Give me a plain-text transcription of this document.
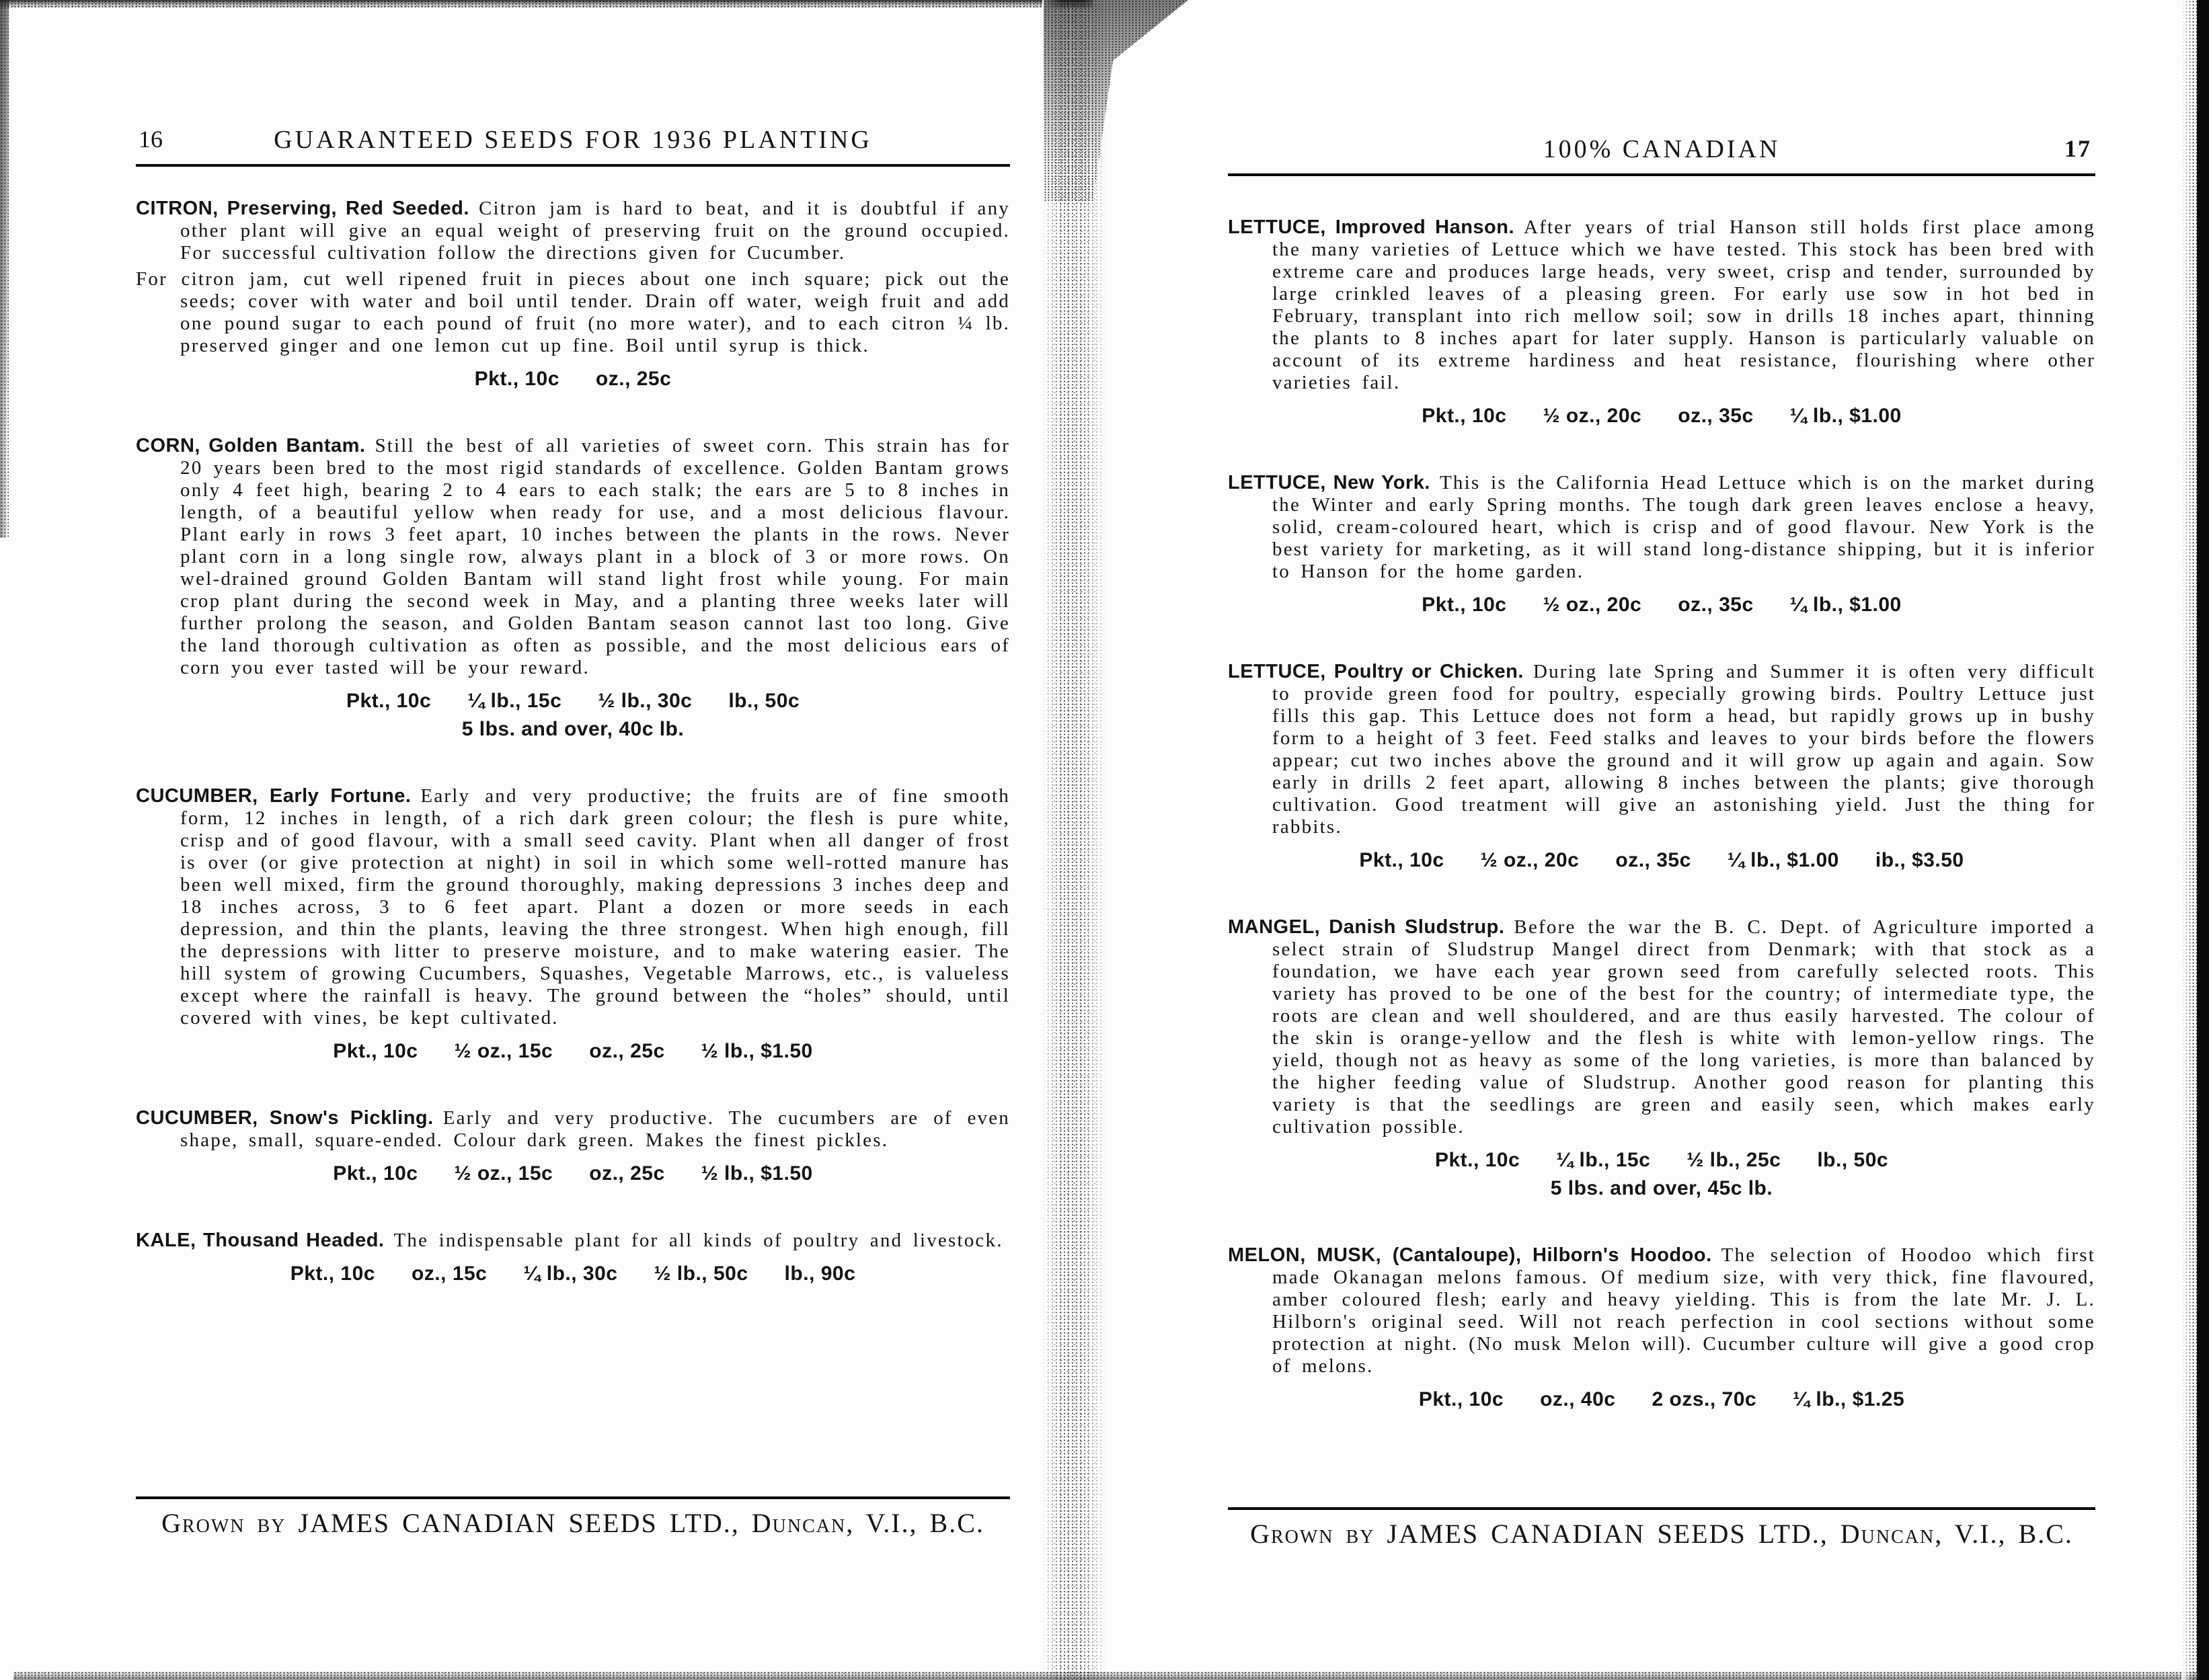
16	GUARANTEED SEEDS FOR 1936 PLANTING

CITRON, Preserving, Red Seeded. Citron jam is hard to beat, and it is doubtful if any other plant will give an equal weight of preserving fruit on the ground occupied. For successful cultivation follow the directions given for Cucumber.

For citron jam, cut well ripened fruit in pieces about one inch square; pick out the seeds; cover with water and boil until tender. Drain off water, weigh fruit and add one pound sugar to each pound of fruit (no more water), and to each citron ¼ lb. preserved ginger and one lemon cut up fine. Boil until syrup is thick.

Pkt., 10c oz., 25c

CORN, Golden Bantam. Still the best of all varieties of sweet corn. This strain has for 20 years been bred to the most rigid standards of excellence. Golden Bantam grows only 4 feet high, bearing 2 to 4 ears to each stalk; the ears are 5 to 8 inches in length, of a beautiful yellow when ready for use, and a most delicious flavour. Plant early in rows 3 feet apart, 10 inches between the plants in the rows. Never plant corn in a long single row, always plant in a block of 3 or more rows. On wel-drained ground Golden Bantam will stand light frost while young. For main crop plant during the second week in May, and a planting three weeks later will further prolong the season, and Golden Bantam season cannot last too long. Give the land thorough cultivation as often as possible, and the most delicious ears of corn you ever tasted will be your reward.

Pkt., 10c ¼ lb., 15c ½ lb., 30c lb., 50c
5 lbs. and over, 40c lb.

CUCUMBER, Early Fortune. Early and very productive; the fruits are of fine smooth form, 12 inches in length, of a rich dark green colour; the flesh is pure white, crisp and of good flavour, with a small seed cavity. Plant when all danger of frost is over (or give protection at night) in soil in which some well-rotted manure has been well mixed, firm the ground thoroughly, making depressions 3 inches deep and 18 inches across, 3 to 6 feet apart. Plant a dozen or more seeds in each depression, and thin the plants, leaving the three strongest. When high enough, fill the depressions with litter to preserve moisture, and to make watering easier. The hill system of growing Cucumbers, Squashes, Vegetable Marrows, etc., is valueless except where the rainfall is heavy. The ground between the “holes” should, until covered with vines, be kept cultivated.

Pkt., 10c ½ oz., 15c oz., 25c ½ lb., $1.50

CUCUMBER, Snow's Pickling. Early and very productive. The cucumbers are of even shape, small, square-ended. Colour dark green. Makes the finest pickles.

Pkt., 10c ½ oz., 15c oz., 25c ½ lb., $1.50

KALE, Thousand Headed. The indispensable plant for all kinds of poultry and livestock.

Pkt., 10c oz., 15c ¼ lb., 30c ½ lb., 50c lb., 90c
100% CANADIAN	17

LETTUCE, Improved Hanson. After years of trial Hanson still holds first place among the many varieties of Lettuce which we have tested. This stock has been bred with extreme care and produces large heads, very sweet, crisp and tender, surrounded by large crinkled leaves of a pleasing green. For early use sow in hot bed in February, transplant into rich mellow soil; sow in drills 18 inches apart, thinning the plants to 8 inches apart for later supply. Hanson is particularly valuable on account of its extreme hardiness and heat resistance, flourishing where other varieties fail.

Pkt., 10c ½ oz., 20c oz., 35c ¼ lb., $1.00

LETTUCE, New York. This is the California Head Lettuce which is on the market during the Winter and early Spring months. The tough dark green leaves enclose a heavy, solid, cream-coloured heart, which is crisp and of good flavour. New York is the best variety for marketing, as it will stand long-distance shipping, but it is inferior to Hanson for the home garden.

Pkt., 10c ½ oz., 20c oz., 35c ¼ lb., $1.00

LETTUCE, Poultry or Chicken. During late Spring and Summer it is often very difficult to provide green food for poultry, especially growing birds. Poultry Lettuce just fills this gap. This Lettuce does not form a head, but rapidly grows up in bushy form to a height of 3 feet. Feed stalks and leaves to your birds before the flowers appear; cut two inches above the ground and it will grow up again and again. Sow early in drills 2 feet apart, allowing 8 inches between the plants; give thorough cultivation. Good treatment will give an astonishing yield. Just the thing for rabbits.

Pkt., 10c ½ oz., 20c oz., 35c ¼ lb., $1.00 ib., $3.50

MANGEL, Danish Sludstrup. Before the war the B. C. Dept. of Agriculture imported a select strain of Sludstrup Mangel direct from Denmark; with that stock as a foundation, we have each year grown seed from carefully selected roots. This variety has proved to be one of the best for the country; of intermediate type, the roots are clean and well shouldered, and are thus easily harvested. The colour of the skin is orange-yellow and the flesh is white with lemon-yellow rings. The yield, though not as heavy as some of the long varieties, is more than balanced by the higher feeding value of Sludstrup. Another good reason for planting this variety is that the seedlings are green and easily seen, which makes early cultivation possible.

Pkt., 10c ¼ lb., 15c ½ lb., 25c lb., 50c
5 lbs. and over, 45c lb.

MELON, MUSK, (Cantaloupe), Hilborn's Hoodoo. The selection of Hoodoo which first made Okanagan melons famous. Of medium size, with very thick, fine flavoured, amber coloured flesh; early and heavy yielding. This is from the late Mr. J. L. Hilborn's original seed. Will not reach perfection in cool sections without some protection at night. (No musk Melon will). Cucumber culture will give a good crop of melons.

Pkt., 10c oz., 40c 2 ozs., 70c ¼ lb., $1.25
Grown by JAMES CANADIAN SEEDS LTD., Duncan, V.I., B.C.	Grown by JAMES CANADIAN SEEDS LTD., Duncan, V.I., B.C.
